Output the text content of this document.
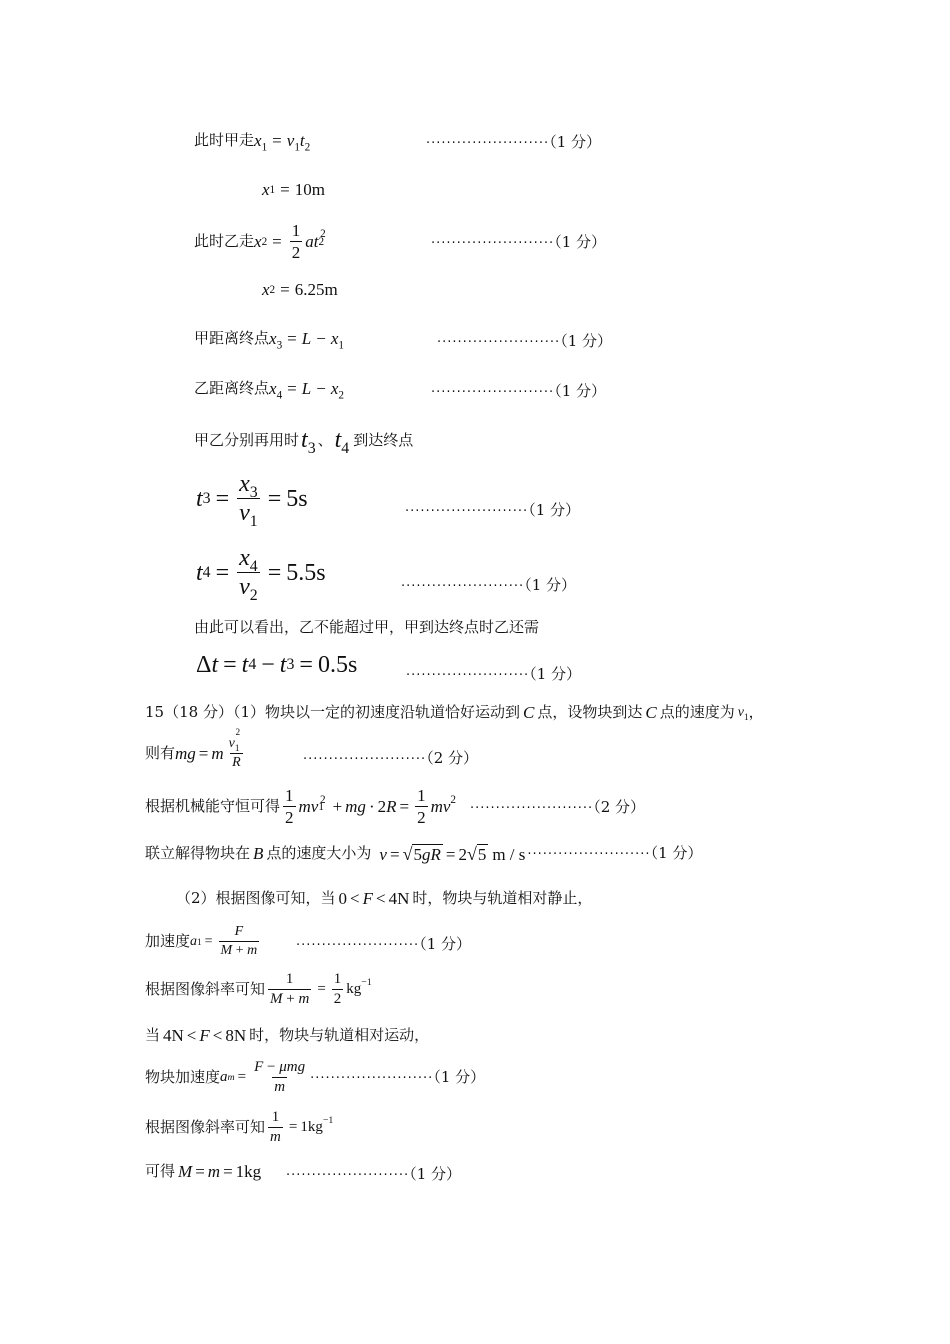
此时甲走 $x_1 = v_1t_2$	························（1 分）
x 1 = 10m
此时乙走 x $2 = \frac{1}{2}$ at 2
$^2$
························（1 分）
x 2 = 6.25m
甲距离终点 $x_3 = L - x_1$	························（1 分）
乙距离终点 $x_4 = L - x_2$	························（1 分）
甲乙分别再用时 $t_3$ 、 $t_4$ 到达终点
t $3 = \frac{x_3}{v_1} = 5s$	························（1 分）
t $4 = \frac{x_4}{v_2} = 5.5s$
························（1 分）
由此可以看出，乙不能超过甲，甲到达终点时乙还需
Δ t = t 4 − t 3 = 0.5s	························（1 分）
15（18 分）（1）物块以一定的初速度沿轨道恰好运动到 C 点，设物块到达 C 点的速度为 $v_1$ ，
则有 mg = m $\frac{v_1^2}{R}$	························（2 分）
根据机械能守恒可得 $\frac{1}{2}$ mv 1
$^2$ + mg · 2 $R = \frac{1}{2} mv^2$
························（2 分）
联立解得物块在 B 点的速度大小为 v = √ 5gR = 2 √ 5 m / s ························（1 分）
（2）根据图像可知，当 0 < F < 4N 时，物块与轨道相对静止，
加速度 a $1 = \frac{F}{M + m}$	························（1 分）
根据图像斜率可知 $\frac{1}{M + m} = \frac{1}{2} kg^{-1}$
当 4N < F < 8N 时，物块与轨道相对运动，
物块加速度 a $m = \frac{\text{F − μmg}}{m} \cdot\cdot\cdot\cdot\cdot\cdot\cdot\cdot\cdot\cdot\cdot\cdot\cdot\cdot\cdot\cdot\cdot\cdot\cdot\cdot\cdot\cdot\cdot\cdot(1$ 分）
根据图像斜率可知 $\frac{1}{m} = 1$ $kg^{-1}$
可得 M = m = 1kg ························（1 分）
